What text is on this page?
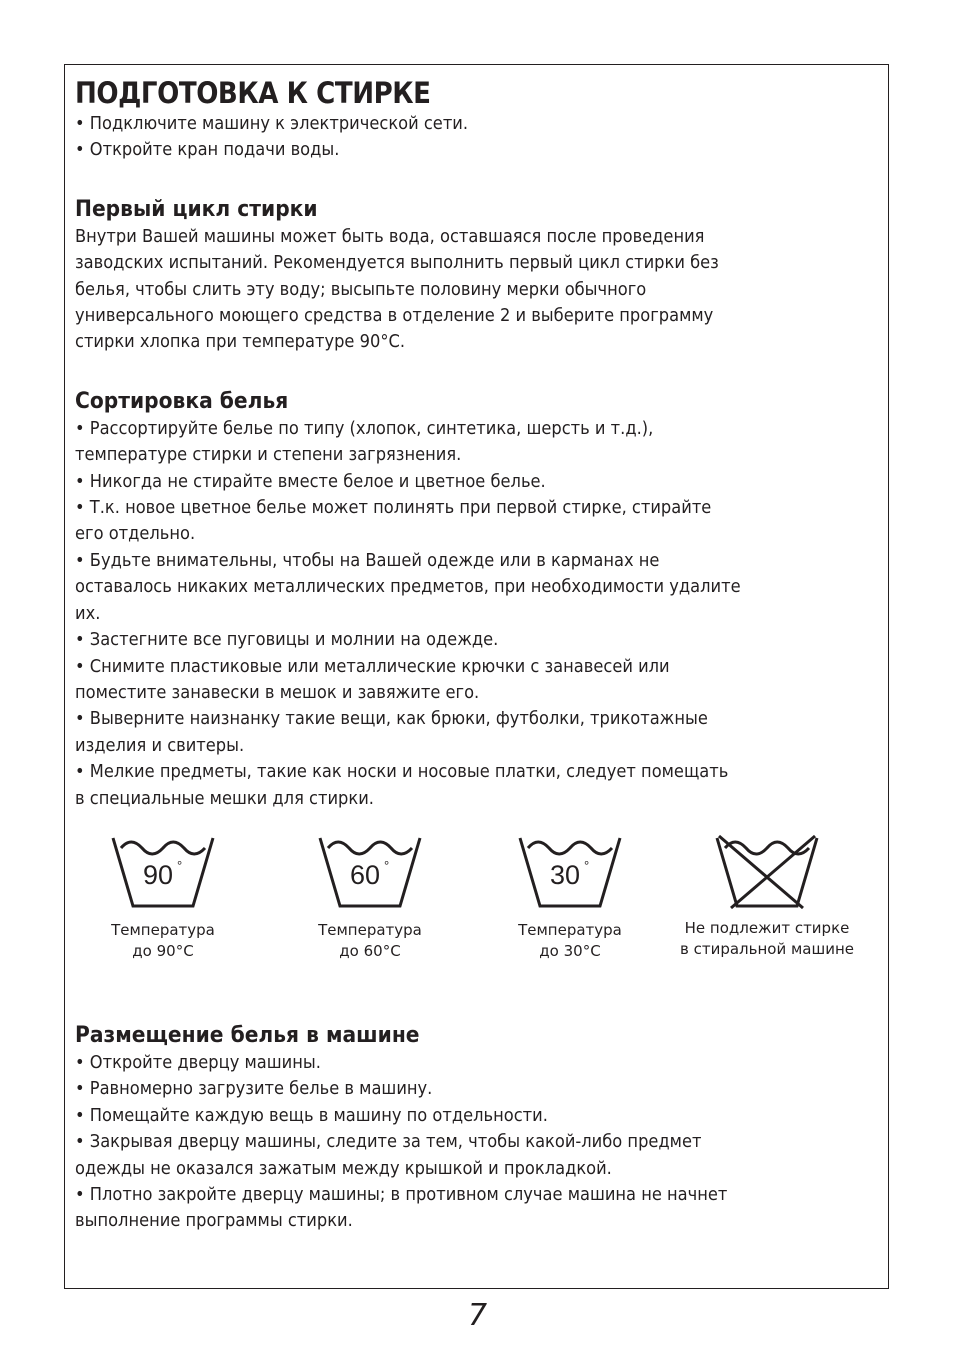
ПОДГОТОВКА К СТИРКЕ
• Подключите машину к электрической сети.
• Откройте кран подачи воды.
Первый цикл стирки
Внутри Вашей машины может быть вода, оставшаяся после проведения
заводских испытаний. Рекомендуется выполнить первый цикл стирки без
белья, чтобы слить эту воду; высыпьте половину мерки обычного
универсального моющего средства в отделение 2 и выберите программу
стирки хлопка при температуре 90°С.
Сортировка белья
• Рассортируйте белье по типу (хлопок, синтетика, шерсть и т.д.),
температуре стирки и степени загрязнения.
• Никогда не стирайте вместе белое и цветное белье.
• Т.к. новое цветное белье может полинять при первой стирке, стирайте
его отдельно.
• Будьте внимательны, чтобы на Вашей одежде или в карманах не
оставалось никаких металлических предметов, при необходимости удалите
их.
• Застегните все пуговицы и молнии на одежде.
• Снимите пластиковые или металлические крючки с занавесей или
поместите занавески в мешок и завяжите его.
• Выверните наизнанку такие вещи, как брюки, футболки, трикотажные
изделия и свитеры.
• Мелкие предметы, такие как носки и носовые платки, следует помещать
в специальные мешки для стирки.
90 °
Температура
до 90°С
60 °
Температура
до 60°С
30 °
Температура
до 30°С
Не подлежит стирке
в стиральной машине
Размещение белья в машине
• Откройте дверцу машины.
• Равномерно загрузите белье в машину.
• Помещайте каждую вещь в машину по отдельности.
• Закрывая дверцу машины, следите за тем, чтобы какой-либо предмет
одежды не оказался зажатым между крышкой и прокладкой.
• Плотно закройте дверцу машины; в противном случае машина не начнет
выполнение программы стирки.
7
